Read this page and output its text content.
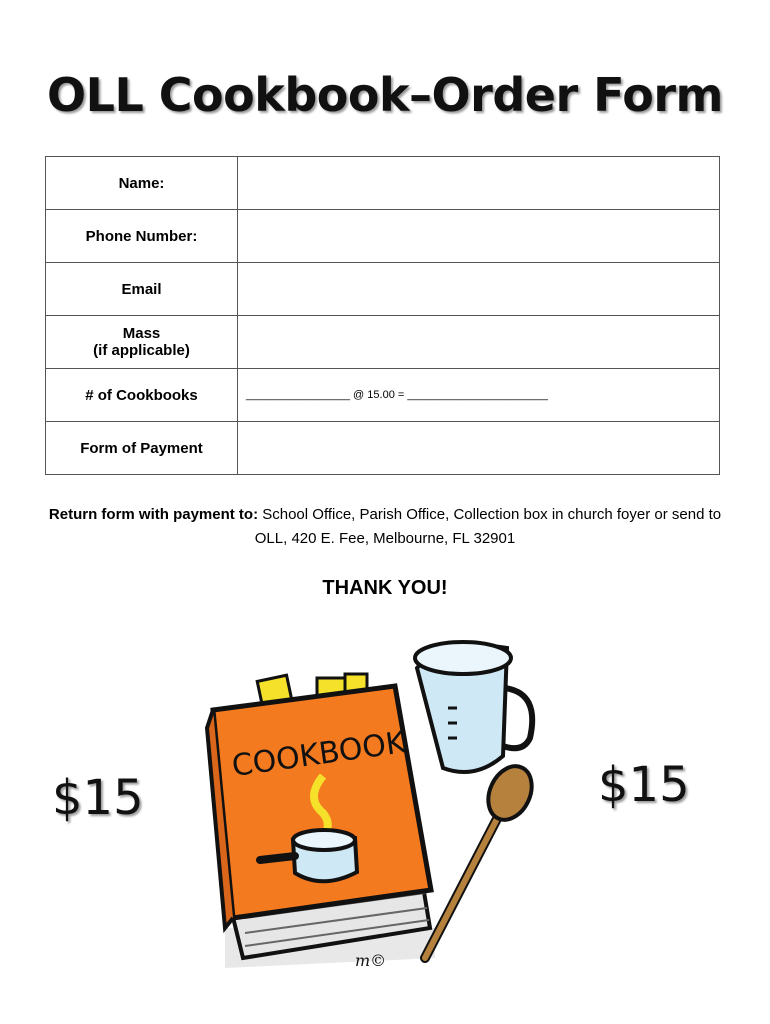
OLL Cookbook–Order Form
Name:	
Phone Number:	
Email	

Mass
(if applicable)	

# of Cookbooks	_________________ @ 15.00 = _______________________
Form of Payment	
Return form with payment to: School Office, Parish Office, Collection box in church foyer or send to OLL, 420 E. Fee, Melbourne, FL 32901
THANK YOU!
$15	$15
COOKBOOK
m©
